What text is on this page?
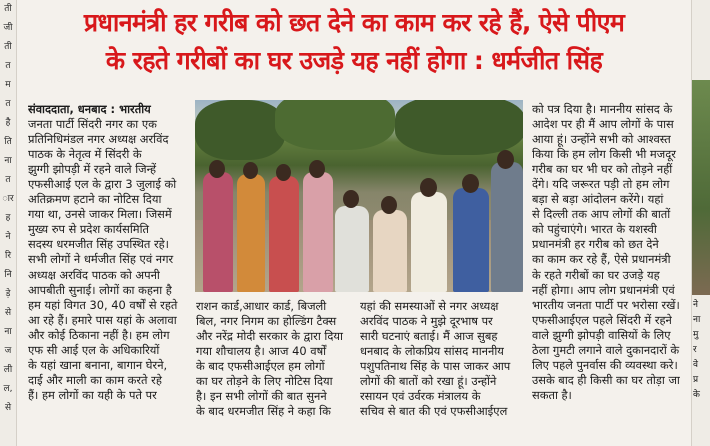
ती
जी
ती
त
म
त
है
ति
ना
त
ार
ह
ने
रि
नि
ड़े
से
ना
ज
ली
ल,
से
प्रधानमंत्री हर गरीब को छत देने का काम कर रहे हैं, ऐसे पीएम
के रहते गरीबों का घर उजड़े यह नहीं होगा : धर्मजीत सिंह
संवाददाता, धनबाद : भारतीय
जनता पार्टी सिंदरी नगर का एक
प्रतिनिधिमंडल नगर अध्यक्ष अरविंद
पाठक के नेतृत्व में सिंदरी के
झुग्गी झोपड़ी में रहने वाले जिन्हें
एफसीआई एल के द्वारा 3 जुलाई को
अतिक्रमण हटाने का नोटिस दिया
गया था, उनसे जाकर मिला। जिसमें
मुख्य रुप से प्रदेश कार्यसमिति
सदस्य धरमजीत सिंह उपस्थित रहे।
सभी लोगों ने धर्मजीत सिंह एवं नगर
अध्यक्ष अरविंद पाठक को अपनी
आपबीती सुनाई। लोगों का कहना है
हम यहां विगत 30, 40 वर्षों से रहते
आ रहे हैं। हमारे पास यहां के अलावा
और कोई ठिकाना नहीं है। हम लोग
एफ सी आई एल के अधिकारियों
के यहां खाना बनाना, बागान घेरने,
दाई और माली का काम करते रहे
हैं। हम लोगों का यही के पते पर
राशन कार्ड,आधार कार्ड, बिजली
बिल, नगर निगम का होल्डिंग टैक्स
और नरेंद्र मोदी सरकार के द्वारा दिया
गया शौचालय है। आज 40 वर्षों
के बाद एफसीआईएल हम लोगों
का घर तोड़ने के लिए नोटिस दिया
है। इन सभी लोगों की बात सुनने
के बाद धरमजीत सिंह ने कहा कि
यहां की समस्याओं से नगर अध्यक्ष
अरविंद पाठक ने मुझे दूरभाष पर
सारी घटनाएं बताई। मैं आज सुबह
धनबाद के लोकप्रिय सांसद माननीय
पशुपतिनाथ सिंह के पास जाकर आप
लोगों की बातों को रखा हूं। उन्होंने
रसायन एवं उर्वरक मंत्रालय के
सचिव से बात की एवं एफसीआईएल
को पत्र दिया है। माननीय सांसद के
आदेश पर ही मैं आप लोगों के पास
आया हूं। उन्होंने सभी को आश्वस्त
किया कि हम लोग किसी भी मजदूर
गरीब का घर भी घर को तोड़ने नहीं
देंगे। यदि जरूरत पड़ी तो हम लोग
बड़ा से बड़ा आंदोलन करेंगे। यहां
से दिल्ली तक आप लोगों की बातों
को पहुंचाएंगे। भारत के यशस्वी
प्रधानमंत्री हर गरीब को छत देने
का काम कर रहे हैं, ऐसे प्रधानमंत्री
के रहते गरीबों का घर उजड़े यह
नहीं होगा। आप लोग प्रधानमंत्री एवं
भारतीय जनता पार्टी पर भरोसा रखें।
एफसीआईएल पहले सिंदरी में रहने
वाले झुग्गी झोपड़ी वासियों के लिए
ठेला गुमटी लगाने वाले दुकानदारों के
लिए पहले पुनर्वास की व्यवस्था करे।
उसके बाद ही किसी का घर तोड़ा जा
सकता है।
ने
ना
मु
र
वे
प्र
के
